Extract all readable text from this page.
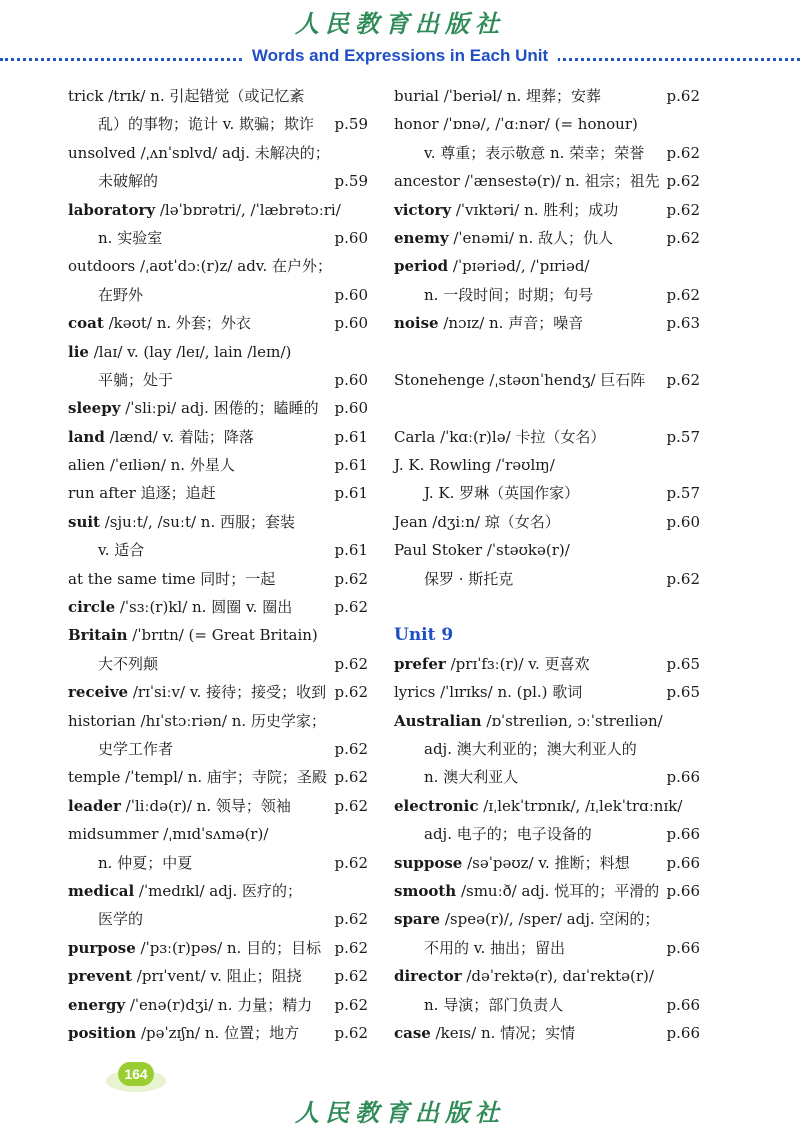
人民教育出版社
Words and Expressions in Each Unit
trick /trɪk/ n. 引起错觉（或记忆紊
乱）的事物；诡计 v. 欺骗；欺诈 p.59
unsolved /ˌʌnˈsɒlvd/ adj. 未解决的；
未破解的	p.59
laboratory /ləˈbɒrətri/, /ˈlæbrətɔːri/
n. 实验室	p.60
outdoors /ˌaʊtˈdɔː(r)z/ adv. 在户外；
在野外	p.60
coat /kəʊt/ n. 外套；外衣	p.60
lie /laɪ/ v. (lay /leɪ/, lain /leɪn/)
平躺；处于	p.60
sleepy /ˈsliːpi/ adj. 困倦的；瞌睡的 p.60
land /lænd/ v. 着陆；降落	p.61
alien /ˈeɪliən/ n. 外星人	p.61
run after 追逐；追赶	p.61
suit /sjuːt/, /suːt/ n. 西服；套装
v. 适合	p.61
at the same time 同时；一起	p.62
circle /ˈsɜː(r)kl/ n. 圆圈 v. 圈出	p.62
Britain /ˈbrɪtn/ (= Great Britain)
大不列颠	p.62
receive /rɪˈsiːv/ v. 接待；接受；收到 p.62
historian /hɪˈstɔːriən/ n. 历史学家；
史学工作者	p.62
temple /ˈtempl/ n. 庙宇；寺院；圣殿 p.62
leader /ˈliːdə(r)/ n. 领导；领袖	p.62
midsummer /ˌmɪdˈsʌmə(r)/
n. 仲夏；中夏	p.62
medical /ˈmedɪkl/ adj. 医疗的；
医学的	p.62
purpose /ˈpɜː(r)pəs/ n. 目的；目标 p.62
prevent /prɪˈvent/ v. 阻止；阻挠 p.62
energy /ˈenə(r)dʒi/ n. 力量；精力 p.62
position /pəˈzɪʃn/ n. 位置；地方 p.62
burial /ˈberiəl/ n. 埋葬；安葬	p.62
honor /ˈɒnə/, /ˈɑːnər/ (= honour)
v. 尊重；表示敬意 n. 荣幸；荣誉 p.62
ancestor /ˈænsestə(r)/ n. 祖宗；祖先 p.62
victory /ˈvɪktəri/ n. 胜利；成功	p.62
enemy /ˈenəmi/ n. 敌人；仇人	p.62
period /ˈpɪəriəd/, /ˈpɪriəd/
n. 一段时间；时期；句号	p.62
noise /nɔɪz/ n. 声音；噪音	p.63
Stonehenge /ˌstəʊnˈhendʒ/ 巨石阵 p.62
Carla /ˈkɑː(r)lə/ 卡拉（女名）	p.57
J. K. Rowling /ˈrəʊlɪŋ/
J. K. 罗琳（英国作家）	p.57
Jean /dʒiːn/ 琼（女名）	p.60
Paul Stoker /ˈstəʊkə(r)/
保罗 · 斯托克	p.62
Unit 9
prefer /prɪˈfɜː(r)/ v. 更喜欢	p.65
lyrics /ˈlɪrɪks/ n. (pl.) 歌词	p.65
Australian /ɒˈstreɪliən, ɔːˈstreɪliən/
adj. 澳大利亚的；澳大利亚人的
n. 澳大利亚人	p.66
electronic /ɪˌlekˈtrɒnɪk/, /ɪˌlekˈtrɑːnɪk/
adj. 电子的；电子设备的	p.66
suppose /səˈpəʊz/ v. 推断；料想 p.66
smooth /smuːð/ adj. 悦耳的；平滑的 p.66
spare /speə(r)/, /sper/ adj. 空闲的；
不用的 v. 抽出；留出	p.66
director /dəˈrektə(r), daɪˈrektə(r)/
n. 导演；部门负责人	p.66
case /keɪs/ n. 情况；实情	p.66
164
人民教育出版社
